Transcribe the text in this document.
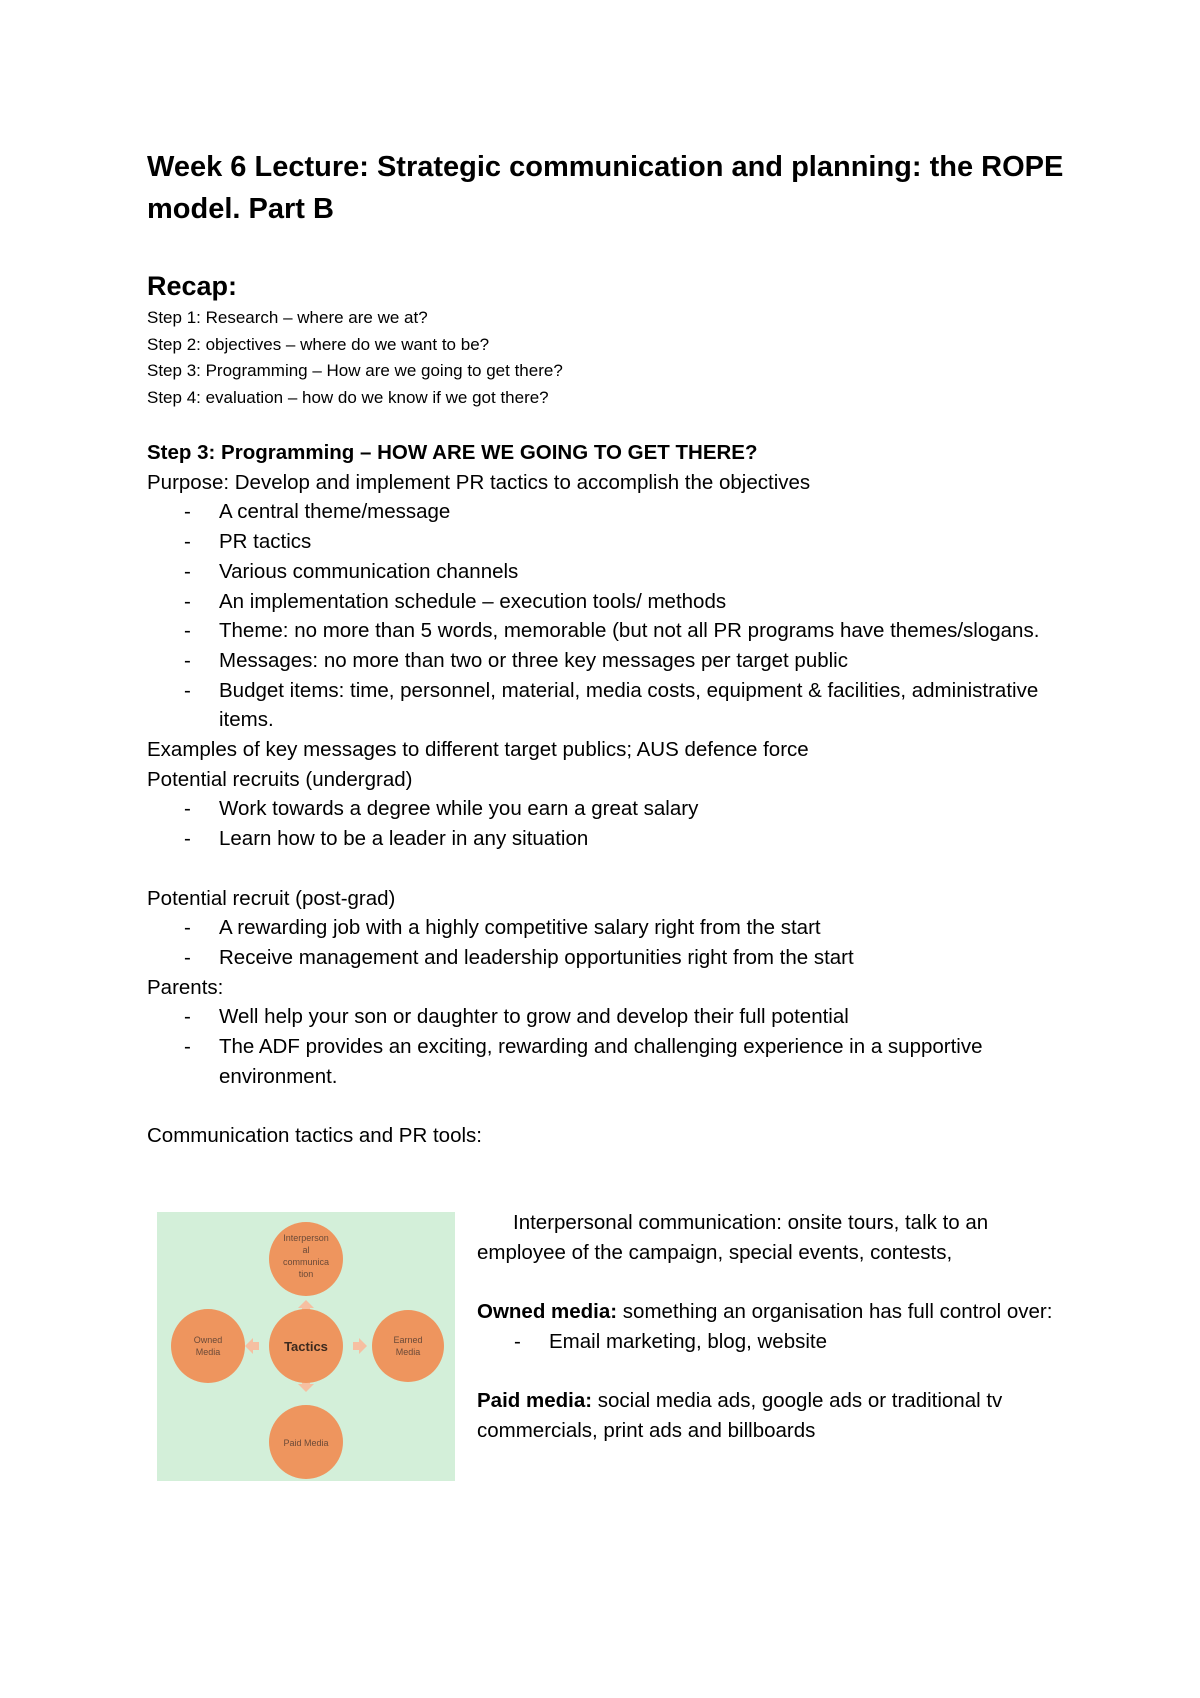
Week 6 Lecture: Strategic communication and planning: the ROPE model. Part B
Recap:
Step 1: Research – where are we at?
Step 2: objectives – where do we want to be?
Step 3: Programming – How are we going to get there?
Step 4: evaluation – how do we know if we got there?

Step 3: Programming – HOW ARE WE GOING TO GET THERE?

Purpose: Develop and implement PR tactics to accomplish the objectives

- A central theme/message
- PR tactics
- Various communication channels
- An implementation schedule – execution tools/ methods
- Theme: no more than 5 words, memorable (but not all PR programs have themes/slogans.
- Messages: no more than two or three key messages per target public
- Budget items: time, personnel, material, media costs, equipment & facilities, administrative items.

Examples of key messages to different target publics; AUS defence force

Potential recruits (undergrad)

- Work towards a degree while you earn a great salary
- Learn how to be a leader in any situation

Potential recruit (post-grad)

- A rewarding job with a highly competitive salary right from the start
- Receive management and leadership opportunities right from the start

Parents:

- Well help your son or daughter to grow and develop their full potential
- The ADF provides an exciting, rewarding and challenging experience in a supportive environment.

Communication tactics and PR tools:

Interperson
al
communica
tion
Owned
Media
Earned
Media
Paid Media
Tactics

Interpersonal communication: onsite tours, talk to an employee of the campaign, special events, contests,

Owned media: something an organisation has full control over:

- Email marketing, blog, website

Paid media: social media ads, google ads or traditional tv commercials, print ads and billboards
